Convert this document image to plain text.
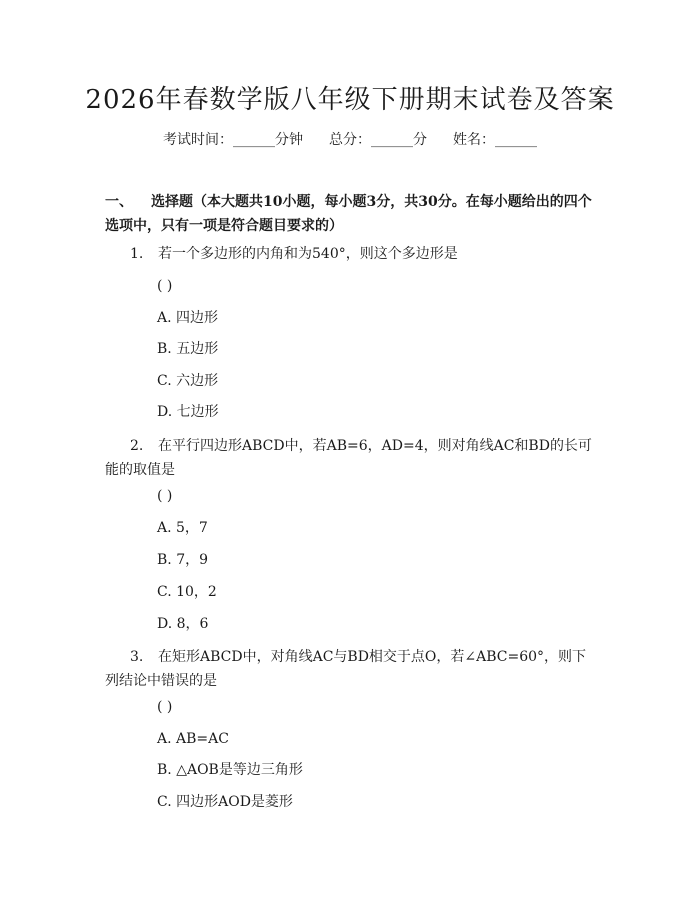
2026年春数学版八年级下册期末试卷及答案
考试时间：______分钟 总分：______分 姓名：______
一、 选择题（本大题共10小题，每小题3分，共30分。在每小题给出的四个选项中，只有一项是符合题目要求的）
1. 若一个多边形的内角和为540°，则这个多边形是
( )
A. 四边形
B. 五边形
C. 六边形
D. 七边形
2. 在平行四边形ABCD中，若AB=6，AD=4，则对角线AC和BD的长可能的取值是
( )
A. 5，7
B. 7，9
C. 10，2
D. 8，6
3. 在矩形ABCD中，对角线AC与BD相交于点O，若∠ABC=60°，则下列结论中错误的是
( )
A. AB=AC
B. △AOB是等边三角形
C. 四边形AOD是菱形
